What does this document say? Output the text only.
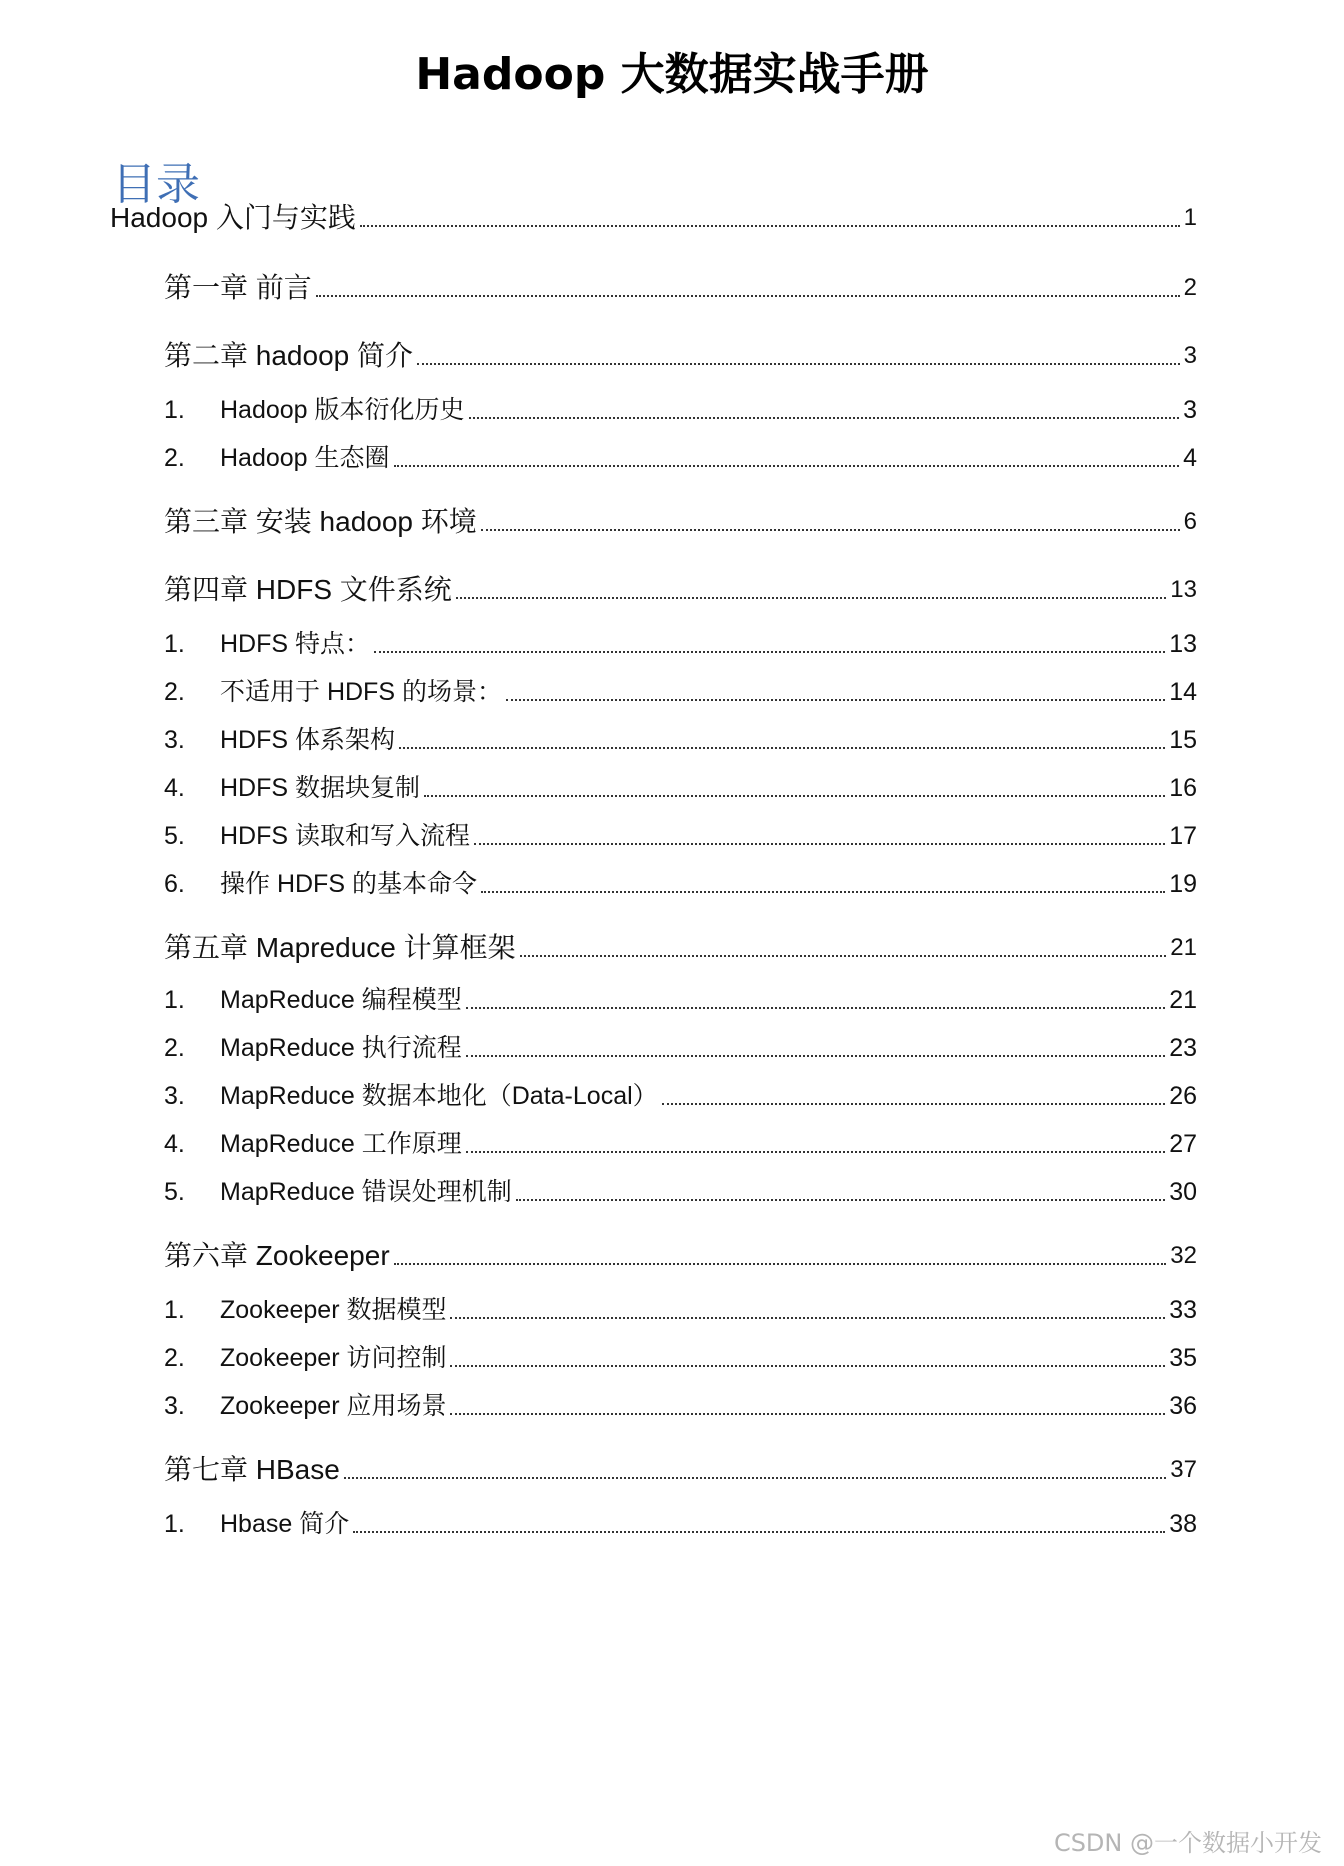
Hadoop 大数据实战手册
目录
Hadoop 入门与实践	1
第一章 前言	2
第二章 hadoop 简介	3
1. Hadoop 版本衍化历史	3
2. Hadoop 生态圈	4
第三章 安装 hadoop 环境	6
第四章 HDFS 文件系统	13
1. HDFS 特点：	13
2. 不适用于 HDFS 的场景：	14
3. HDFS 体系架构	15
4. HDFS 数据块复制	16
5. HDFS 读取和写入流程	17
6. 操作 HDFS 的基本命令	19
第五章 Mapreduce 计算框架	21
1. MapReduce 编程模型	21
2. MapReduce 执行流程	23
3. MapReduce 数据本地化（Data-Local）	26
4. MapReduce 工作原理	27
5. MapReduce 错误处理机制	30
第六章 Zookeeper	32
1. Zookeeper 数据模型	33
2. Zookeeper 访问控制	35
3. Zookeeper 应用场景	36
第七章 HBase	37
1. Hbase 简介	38
CSDN @一个数据小开发
